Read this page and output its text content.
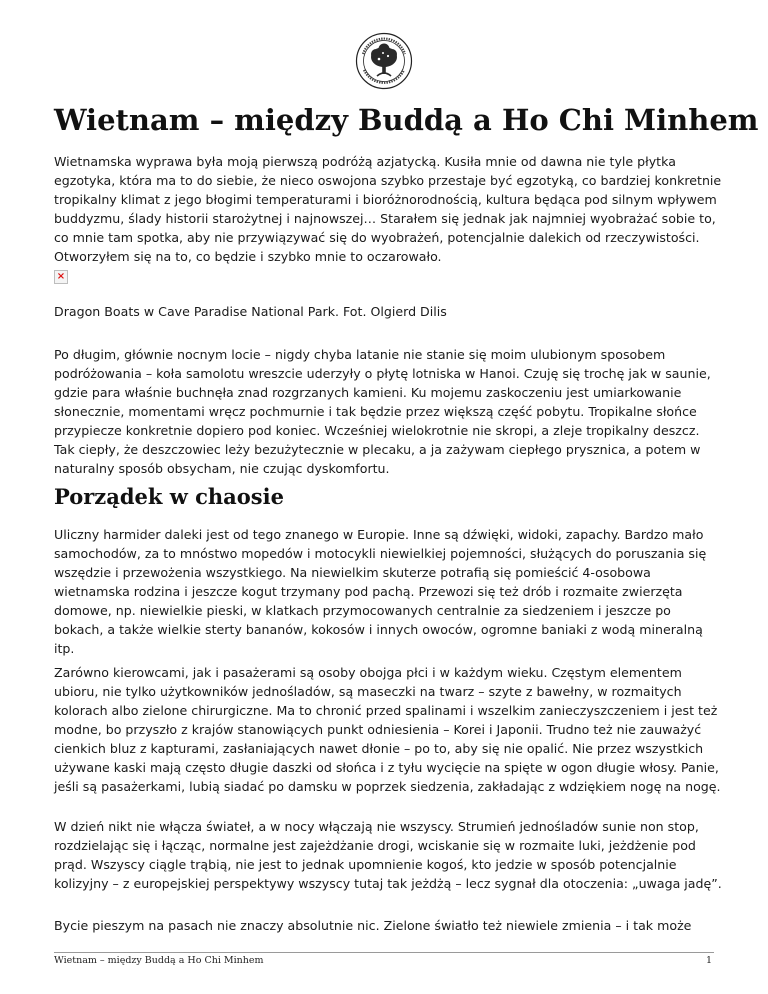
Wietnam – między Buddą a Ho Chi Minhem

Wietnamska wyprawa była moją pierwszą podróżą azjatycką. Kusiła mnie od dawna nie tyle płytka egzotyka, która ma to do siebie, że nieco oswojona szybko przestaje być egzotyką, co bardziej konkretnie tropikalny klimat z jego błogimi temperaturami i bioróżnorodnością, kultura będąca pod silnym wpływem buddyzmu, ślady historii starożytnej i najnowszej… Starałem się jednak jak najmniej wyobrażać sobie to, co mnie tam spotka, aby nie przywiązywać się do wyobrażeń, potencjalnie dalekich od rzeczywistości. Otworzyłem się na to, co będzie i szybko mnie to oczarowało.

×

Dragon Boats w Cave Paradise National Park. Fot. Olgierd Dilis

Po długim, głównie nocnym locie – nigdy chyba latanie nie stanie się moim ulubionym sposobem podróżowania – koła samolotu wreszcie uderzyły o płytę lotniska w Hanoi. Czuję się trochę jak w saunie, gdzie para właśnie buchnęła znad rozgrzanych kamieni. Ku mojemu zaskoczeniu jest umiarkowanie słonecznie, momentami wręcz pochmurnie i tak będzie przez większą część pobytu. Tropikalne słońce przypiecze konkretnie dopiero pod koniec. Wcześniej wielokrotnie nie skropi, a zleje tropikalny deszcz. Tak ciepły, że deszczowiec leży bezużytecznie w plecaku, a ja zażywam ciepłego prysznica, a potem w naturalny sposób obsycham, nie czując dyskomfortu.

Porządek w chaosie

Uliczny harmider daleki jest od tego znanego w Europie. Inne są dźwięki, widoki, zapachy. Bardzo mało samochodów, za to mnóstwo mopedów i motocykli niewielkiej pojemności, służących do poruszania się wszędzie i przewożenia wszystkiego. Na niewielkim skuterze potrafią się pomieścić 4-osobowa wietnamska rodzina i jeszcze kogut trzymany pod pachą. Przewozi się też drób i rozmaite zwierzęta domowe, np. niewielkie pieski, w klatkach przymocowanych centralnie za siedzeniem i jeszcze po bokach, a także wielkie sterty bananów, kokosów i innych owoców, ogromne baniaki z wodą mineralną itp.

Zarówno kierowcami, jak i pasażerami są osoby obojga płci i w każdym wieku. Częstym elementem ubioru, nie tylko użytkowników jednośladów, są maseczki na twarz – szyte z bawełny, w rozmaitych kolorach albo zielone chirurgiczne. Ma to chronić przed spalinami i wszelkim zanieczyszczeniem i jest też modne, bo przyszło z krajów stanowiących punkt odniesienia – Korei i Japonii. Trudno też nie zauważyć cienkich bluz z kapturami, zasłaniających nawet dłonie – po to, aby się nie opalić. Nie przez wszystkich używane kaski mają często długie daszki od słońca i z tyłu wycięcie na spięte w ogon długie włosy. Panie, jeśli są pasażerkami, lubią siadać po damsku w poprzek siedzenia, zakładając z wdziękiem nogę na nogę.

W dzień nikt nie włącza świateł, a w nocy włączają nie wszyscy. Strumień jednośladów sunie non stop, rozdzielając się i łącząc, normalne jest zajeżdżanie drogi, wciskanie się w rozmaite luki, jeżdżenie pod prąd. Wszyscy ciągle trąbią, nie jest to jednak upomnienie kogoś, kto jedzie w sposób potencjalnie kolizyjny – z europejskiej perspektywy wszyscy tutaj tak jeżdżą – lecz sygnał dla otoczenia: „uwaga jadę”.

Bycie pieszym na pasach nie znaczy absolutnie nic. Zielone światło też niewiele zmienia – i tak może

Wietnam – między Buddą a Ho Chi Minhem	1
